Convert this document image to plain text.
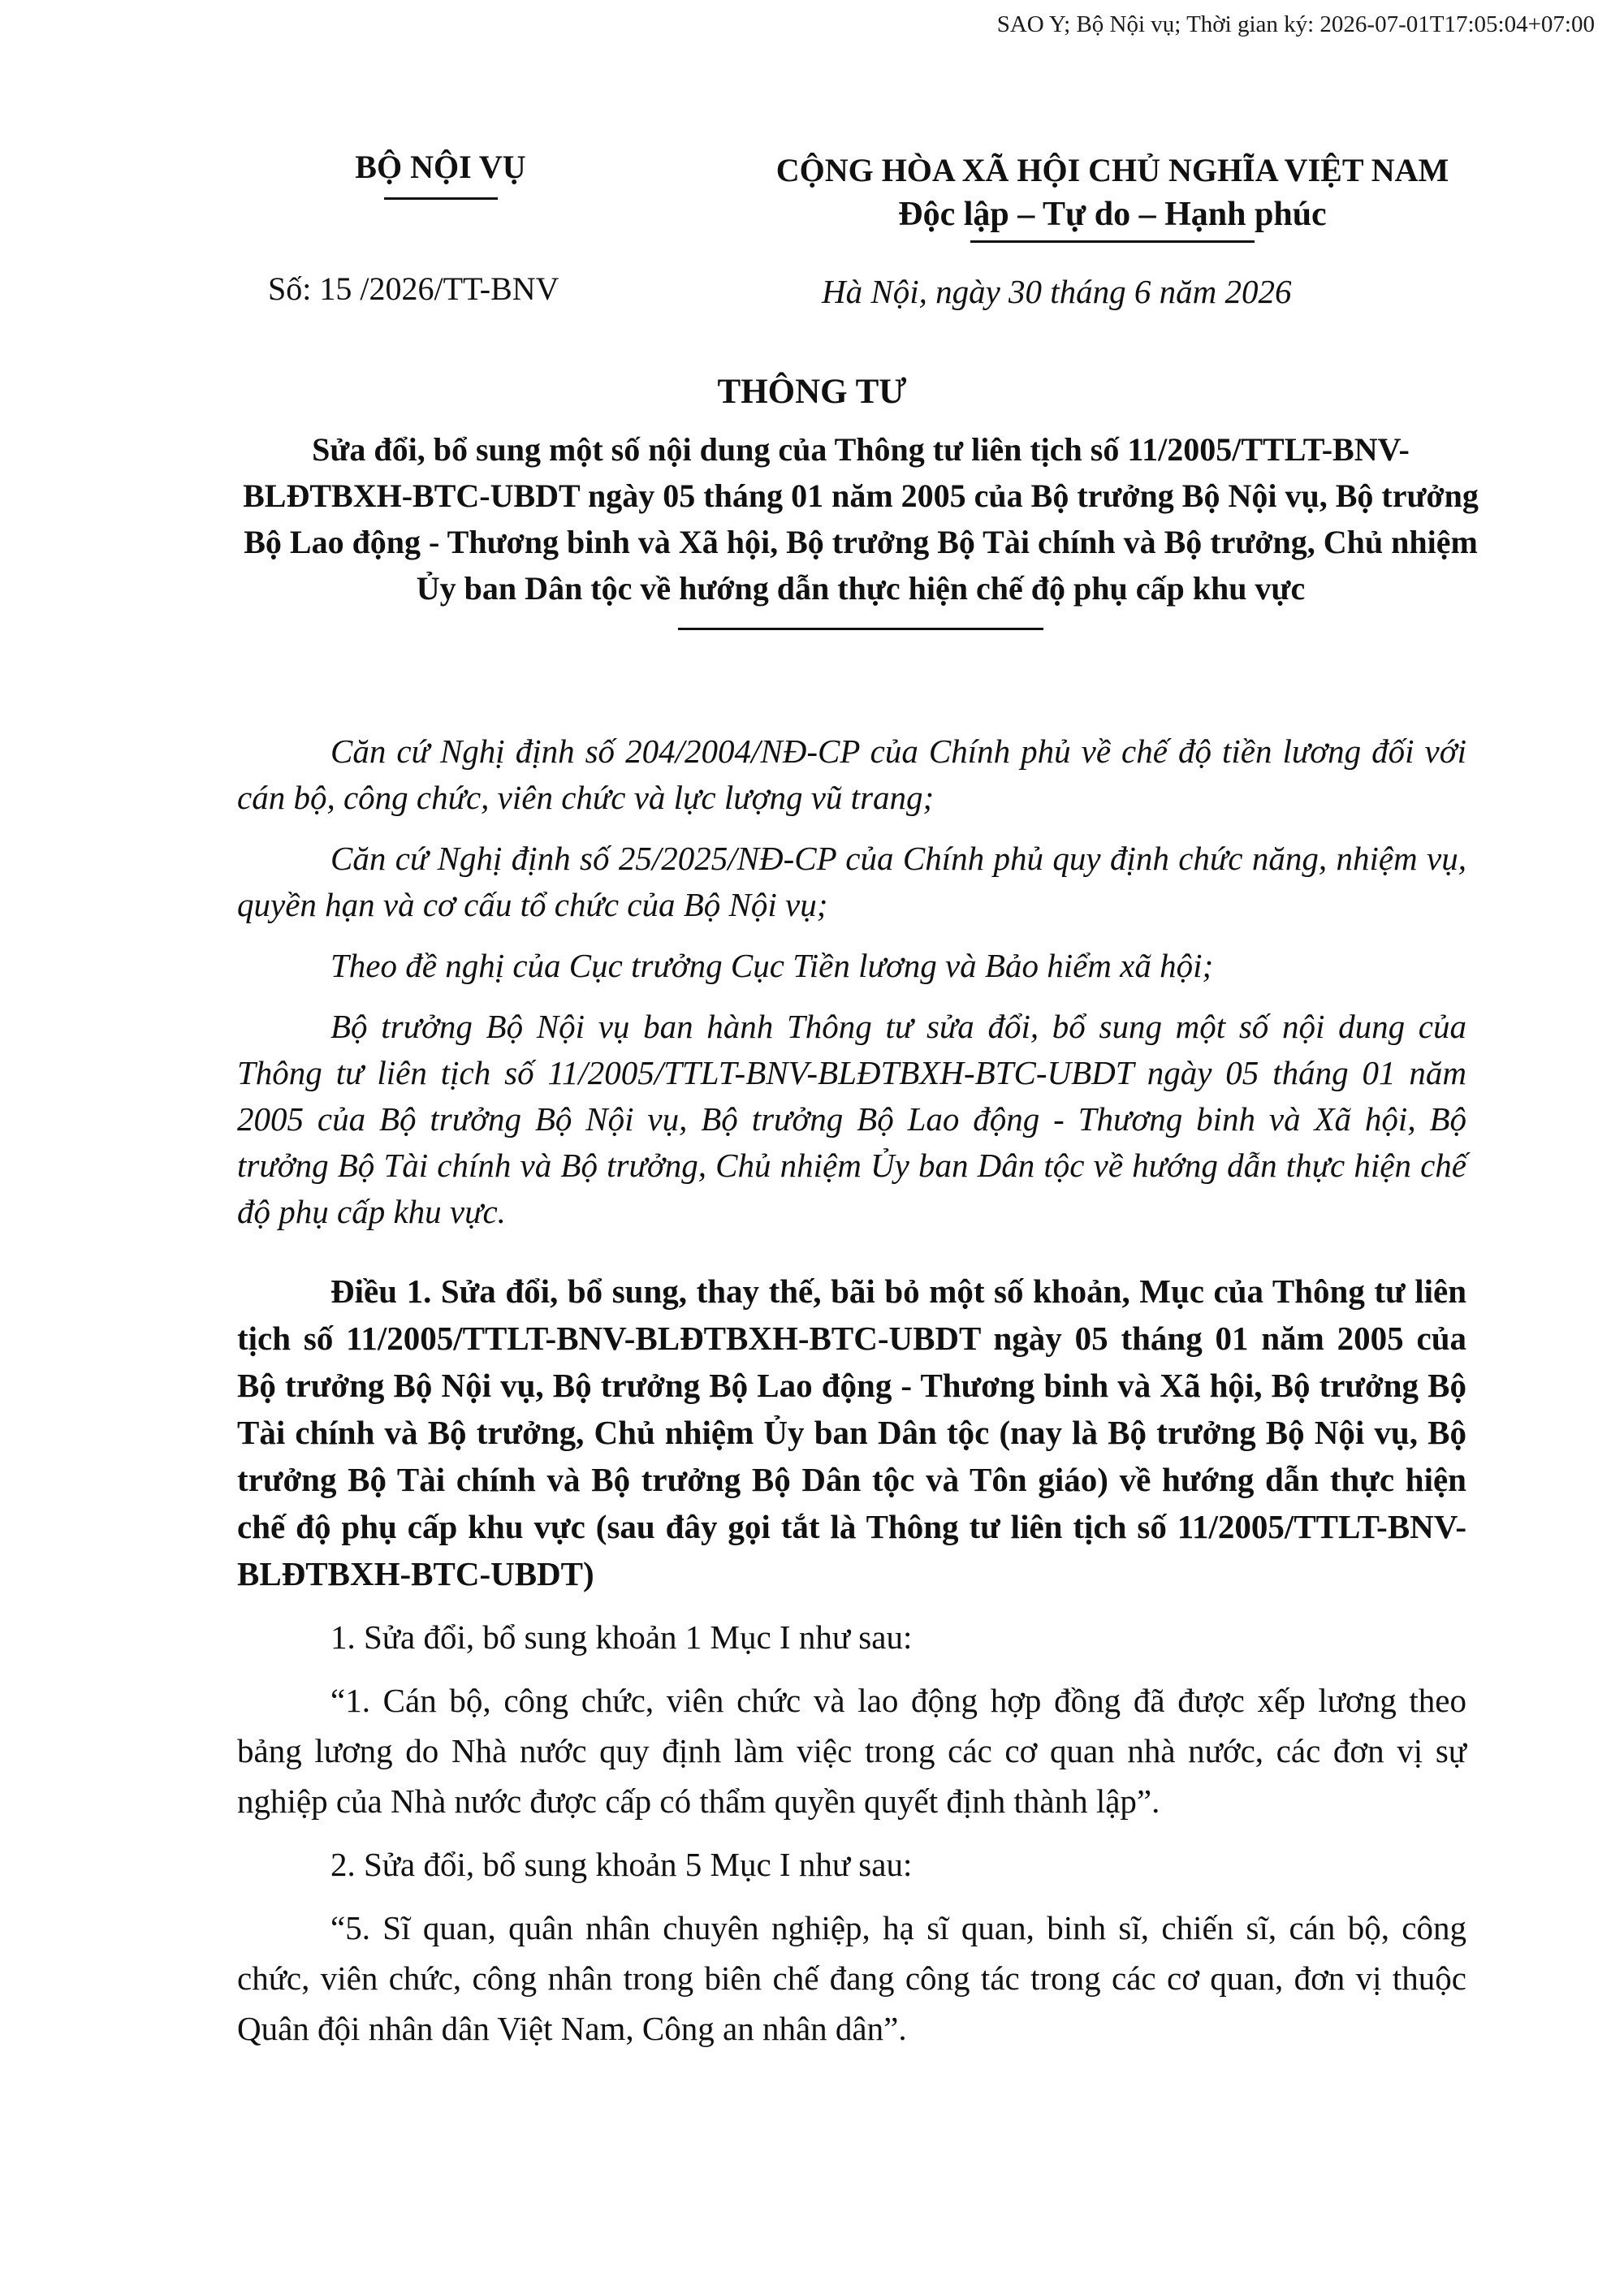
SAO Y; Bộ Nội vụ; Thời gian ký: 2026-07-01T17:05:04+07:00
BỘ NỘI VỤ	CỘNG HÒA XÃ HỘI CHỦ NGHĨA VIỆT NAM
Độc lập – Tự do – Hạnh phúc
Số: 15 /2026/TT-BNV	Hà Nội, ngày 30 tháng 6 năm 2026
THÔNG TƯ
Sửa đổi, bổ sung một số nội dung của Thông tư liên tịch số 11/2005/TTLT-BNV-BLĐTBXH-BTC-UBDT ngày 05 tháng 01 năm 2005 của Bộ trưởng Bộ Nội vụ, Bộ trưởng Bộ Lao động - Thương binh và Xã hội, Bộ trưởng Bộ Tài chính và Bộ trưởng, Chủ nhiệm Ủy ban Dân tộc về hướng dẫn thực hiện chế độ phụ cấp khu vực

Căn cứ Nghị định số 204/2004/NĐ-CP của Chính phủ về chế độ tiền lương đối với cán bộ, công chức, viên chức và lực lượng vũ trang;

Căn cứ Nghị định số 25/2025/NĐ-CP của Chính phủ quy định chức năng, nhiệm vụ, quyền hạn và cơ cấu tổ chức của Bộ Nội vụ;

Theo đề nghị của Cục trưởng Cục Tiền lương và Bảo hiểm xã hội;

Bộ trưởng Bộ Nội vụ ban hành Thông tư sửa đổi, bổ sung một số nội dung của Thông tư liên tịch số 11/2005/TTLT-BNV-BLĐTBXH-BTC-UBDT ngày 05 tháng 01 năm 2005 của Bộ trưởng Bộ Nội vụ, Bộ trưởng Bộ Lao động - Thương binh và Xã hội, Bộ trưởng Bộ Tài chính và Bộ trưởng, Chủ nhiệm Ủy ban Dân tộc về hướng dẫn thực hiện chế độ phụ cấp khu vực.

Điều 1. Sửa đổi, bổ sung, thay thế, bãi bỏ một số khoản, Mục của Thông tư liên tịch số 11/2005/TTLT-BNV-BLĐTBXH-BTC-UBDT ngày 05 tháng 01 năm 2005 của Bộ trưởng Bộ Nội vụ, Bộ trưởng Bộ Lao động - Thương binh và Xã hội, Bộ trưởng Bộ Tài chính và Bộ trưởng, Chủ nhiệm Ủy ban Dân tộc (nay là Bộ trưởng Bộ Nội vụ, Bộ trưởng Bộ Tài chính và Bộ trưởng Bộ Dân tộc và Tôn giáo) về hướng dẫn thực hiện chế độ phụ cấp khu vực (sau đây gọi tắt là Thông tư liên tịch số 11/2005/TTLT-BNV-BLĐTBXH-BTC-UBDT)

1. Sửa đổi, bổ sung khoản 1 Mục I như sau:

“1. Cán bộ, công chức, viên chức và lao động hợp đồng đã được xếp lương theo bảng lương do Nhà nước quy định làm việc trong các cơ quan nhà nước, các đơn vị sự nghiệp của Nhà nước được cấp có thẩm quyền quyết định thành lập”.

2. Sửa đổi, bổ sung khoản 5 Mục I như sau:

“5. Sĩ quan, quân nhân chuyên nghiệp, hạ sĩ quan, binh sĩ, chiến sĩ, cán bộ, công chức, viên chức, công nhân trong biên chế đang công tác trong các cơ quan, đơn vị thuộc Quân đội nhân dân Việt Nam, Công an nhân dân”.
